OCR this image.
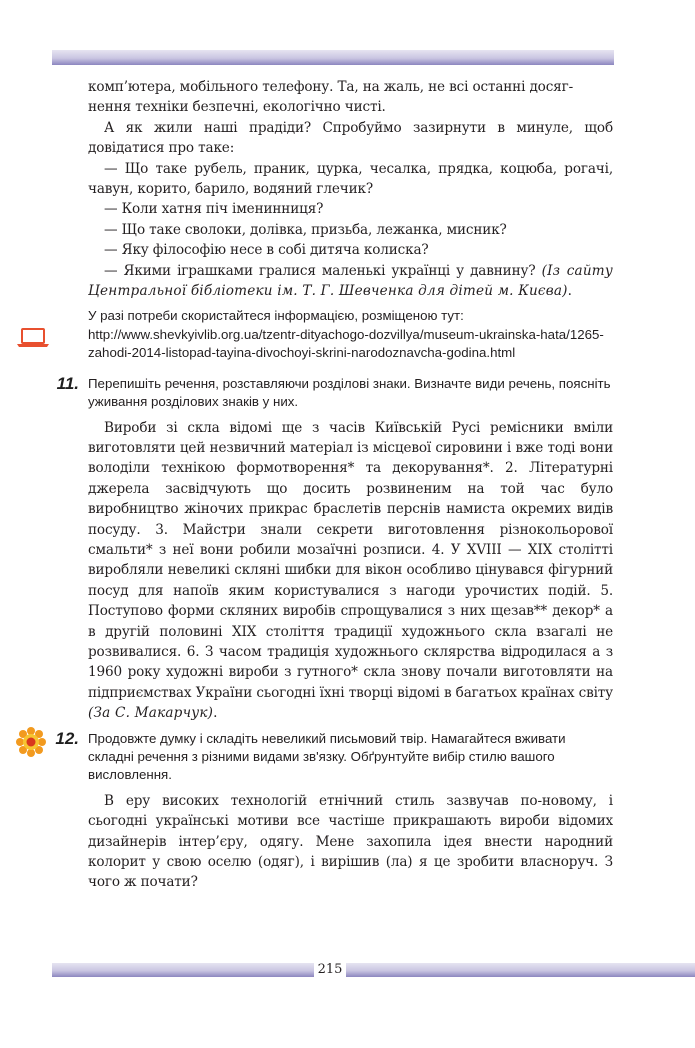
комп’ютера, мобільного телефону. Та, на жаль, не всі останні досяг-

нення техніки безпечні, екологічно чисті.

А як жили наші прадіди? Спробуймо зазирнути в минуле, щоб довідатися про таке:

— Що таке рубель, праник, цурка, чесалка, прядка, коцюба, рогачі, чавун, корито, барило, водяний глечик?

— Коли хатня піч іменинниця?

— Що таке сволоки, долівка, призьба, лежанка, мисник?

— Яку філософію несе в собі дитяча колиска?

— Якими іграшками гралися маленькі українці у давнину? (Із сайту Центральної бібліотеки ім. Т. Г. Шевченка для дітей м. Києва).

У разі потреби скористайтеся інформацією, розміщеною тут: http://www.shevkyivlib.org.ua/tzentr-dityachogo-dozvillya/museum-ukrainska-hata/1265-zahodi-2014-listopad-tayina-divochoyi-skrini-narodoznavcha-godina.html

11. Перепишіть речення, розставляючи розділові знаки. Визначте види речень, поясніть уживання розділових знаків у них.

Вироби зі скла відомі ще з часів Київській Русі ремісники вміли виготовляти цей незвичний матеріал із місцевої сировини і вже тоді вони володіли технікою формотворення* та декорування*. 2. Літературні джерела засвідчують що досить розвиненим на той час було виробництво жіночих прикрас браслетів перснів намиста окремих видів посуду. 3. Майстри знали секрети виготовлення різнокольорової смальти* з неї вони робили мозаїчні розписи. 4. У XVIII — XIX столітті виробляли невеликі скляні шибки для вікон особливо цінувався фігурний посуд для напоїв яким користувалися з нагоди урочистих подій. 5. Поступово форми скляних виробів спрощувалися з них щезав** декор* а в другій половині XIX століття традиції художнього скла взагалі не розвивалися. 6. З часом традиція художнього склярства відродилася а з 1960 року художні вироби з гутного* скла знову почали виготовляти на підприємствах України сьогодні їхні творці відомі в багатьох країнах світу (За С. Макарчук).

12. Продовжте думку і складіть невеликий письмовий твір. Намагайтеся вживати складні речення з різними видами зв'язку. Обґрунтуйте вибір стилю вашого висловлення.

В еру високих технологій етнічний стиль зазвучав по-новому, і сьогодні українські мотиви все частіше прикрашають вироби відомих дизайнерів інтер’єру, одягу. Мене захопила ідея внести народний колорит у свою оселю (одяг), і вирішив (ла) я це зробити власноруч. З чого ж почати?

215
